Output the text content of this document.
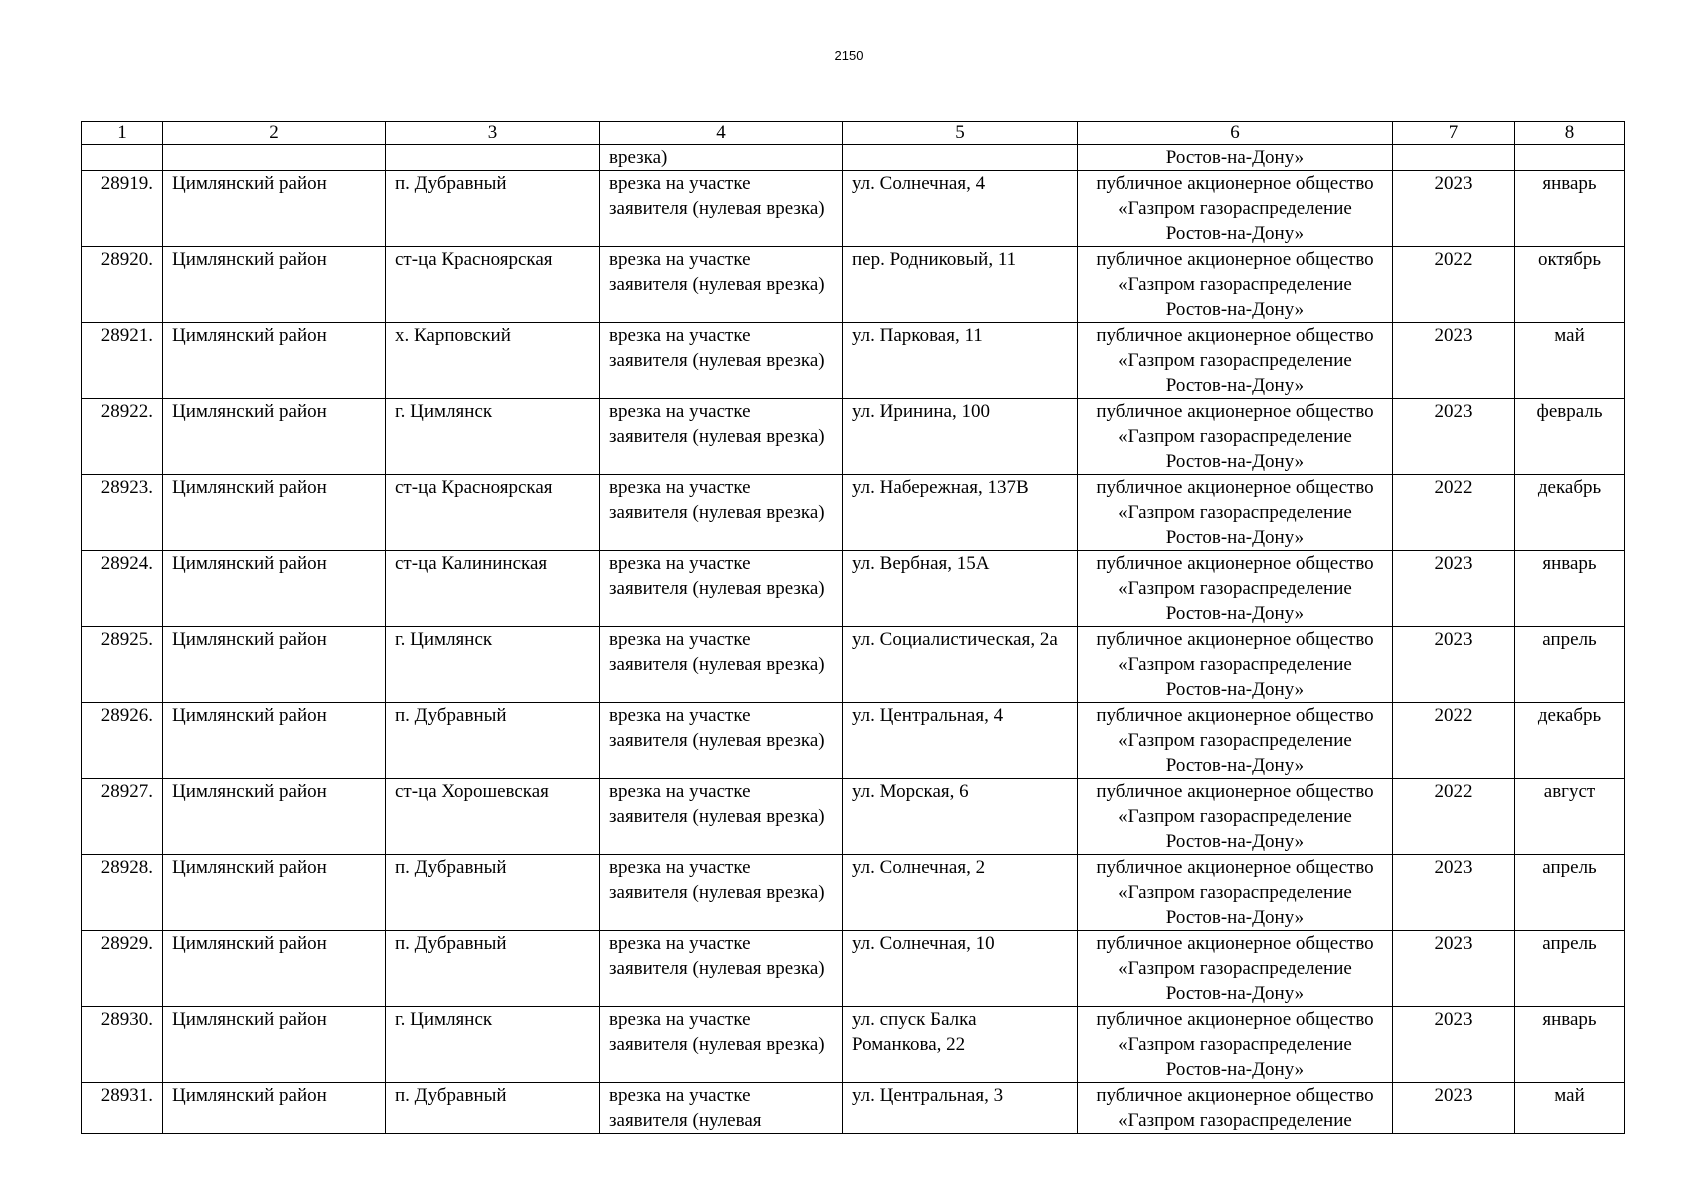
2150
1	2	3	4	5	6	7	8
			врезка)		Ростов-на-Дону»		
28919.	Цимлянский район	п. Дубравный	врезка на участке заявителя (нулевая врезка)	ул. Солнечная, 4	публичное акционерное общество «Газпром газораспределение Ростов-на-Дону»	2023	январь
28920.	Цимлянский район	ст-ца Красноярская	врезка на участке заявителя (нулевая врезка)	пер. Родниковый, 11	публичное акционерное общество «Газпром газораспределение Ростов-на-Дону»	2022	октябрь
28921.	Цимлянский район	х. Карповский	врезка на участке заявителя (нулевая врезка)	ул. Парковая, 11	публичное акционерное общество «Газпром газораспределение Ростов-на-Дону»	2023	май
28922.	Цимлянский район	г. Цимлянск	врезка на участке заявителя (нулевая врезка)	ул. Иринина, 100	публичное акционерное общество «Газпром газораспределение Ростов-на-Дону»	2023	февраль
28923.	Цимлянский район	ст-ца Красноярская	врезка на участке заявителя (нулевая врезка)	ул. Набережная, 137В	публичное акционерное общество «Газпром газораспределение Ростов-на-Дону»	2022	декабрь
28924.	Цимлянский район	ст-ца Калининская	врезка на участке заявителя (нулевая врезка)	ул. Вербная, 15А	публичное акционерное общество «Газпром газораспределение Ростов-на-Дону»	2023	январь
28925.	Цимлянский район	г. Цимлянск	врезка на участке заявителя (нулевая врезка)	ул. Социалистическая, 2а	публичное акционерное общество «Газпром газораспределение Ростов-на-Дону»	2023	апрель
28926.	Цимлянский район	п. Дубравный	врезка на участке заявителя (нулевая врезка)	ул. Центральная, 4	публичное акционерное общество «Газпром газораспределение Ростов-на-Дону»	2022	декабрь
28927.	Цимлянский район	ст-ца Хорошевская	врезка на участке заявителя (нулевая врезка)	ул. Морская, 6	публичное акционерное общество «Газпром газораспределение Ростов-на-Дону»	2022	август
28928.	Цимлянский район	п. Дубравный	врезка на участке заявителя (нулевая врезка)	ул. Солнечная, 2	публичное акционерное общество «Газпром газораспределение Ростов-на-Дону»	2023	апрель
28929.	Цимлянский район	п. Дубравный	врезка на участке заявителя (нулевая врезка)	ул. Солнечная, 10	публичное акционерное общество «Газпром газораспределение Ростов-на-Дону»	2023	апрель
28930.	Цимлянский район	г. Цимлянск	врезка на участке заявителя (нулевая врезка)	ул. спуск Балка Романкова, 22	публичное акционерное общество «Газпром газораспределение Ростов-на-Дону»	2023	январь
28931.	Цимлянский район	п. Дубравный	врезка на участке заявителя (нулевая	ул. Центральная, 3	публичное акционерное общество «Газпром газораспределение	2023	май
